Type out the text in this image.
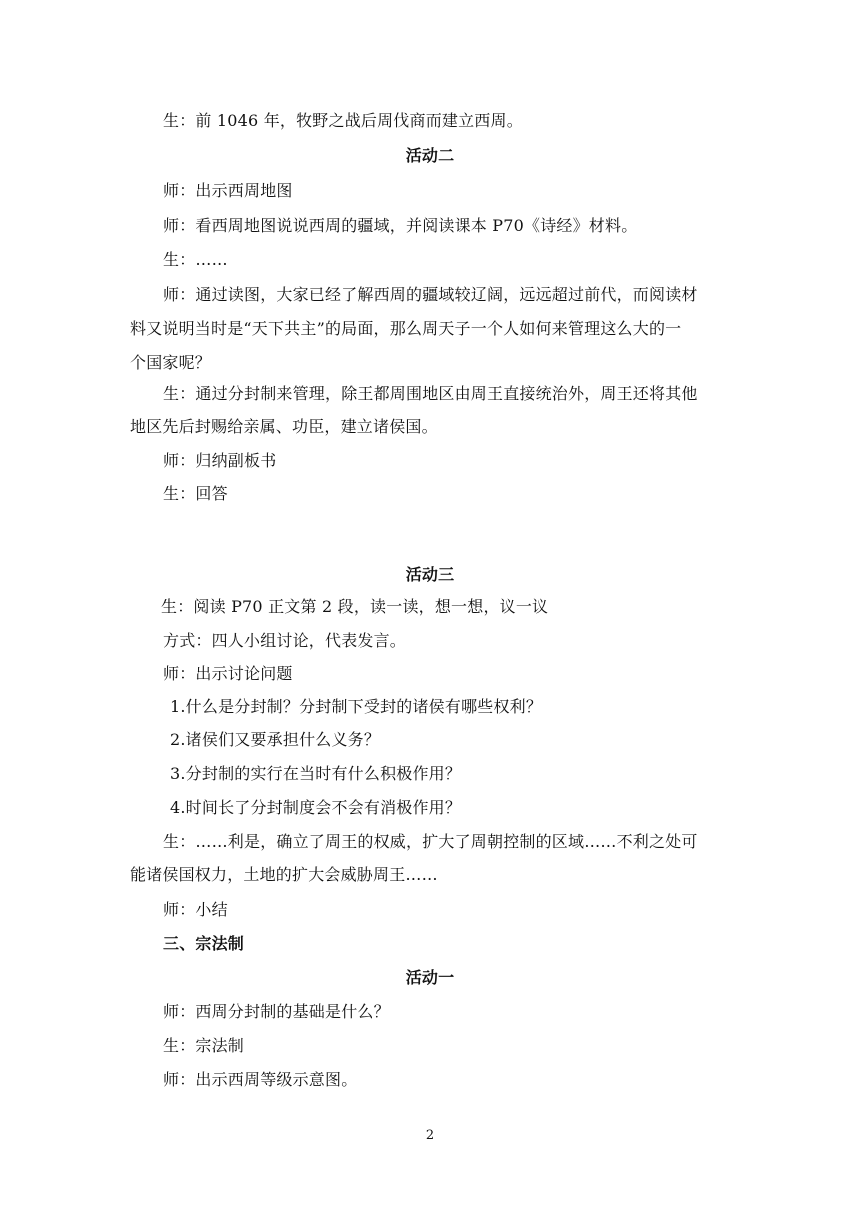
生：前 1046 年，牧野之战后周伐商而建立西周。
活动二
师：出示西周地图
师：看西周地图说说西周的疆域，并阅读课本 P70《诗经》材料。
生：……
师：通过读图，大家已经了解西周的疆域较辽阔，远远超过前代，而阅读材
料又说明当时是“天下共主”的局面，那么周天子一个人如何来管理这么大的一
个国家呢？
生：通过分封制来管理，除王都周围地区由周王直接统治外，周王还将其他
地区先后封赐给亲属、功臣，建立诸侯国。
师：归纳副板书
生：回答
活动三
生：阅读 P70 正文第 2 段，读一读，想一想，议一议
方式：四人小组讨论，代表发言。
师：出示讨论问题
1.什么是分封制？分封制下受封的诸侯有哪些权利？
2.诸侯们又要承担什么义务？
3.分封制的实行在当时有什么积极作用？
4.时间长了分封制度会不会有消极作用？
生：……利是，确立了周王的权威，扩大了周朝控制的区域……不利之处可
能诸侯国权力，土地的扩大会威胁周王……
师：小结
三、宗法制
活动一
师：西周分封制的基础是什么？
生：宗法制
师：出示西周等级示意图。
2
